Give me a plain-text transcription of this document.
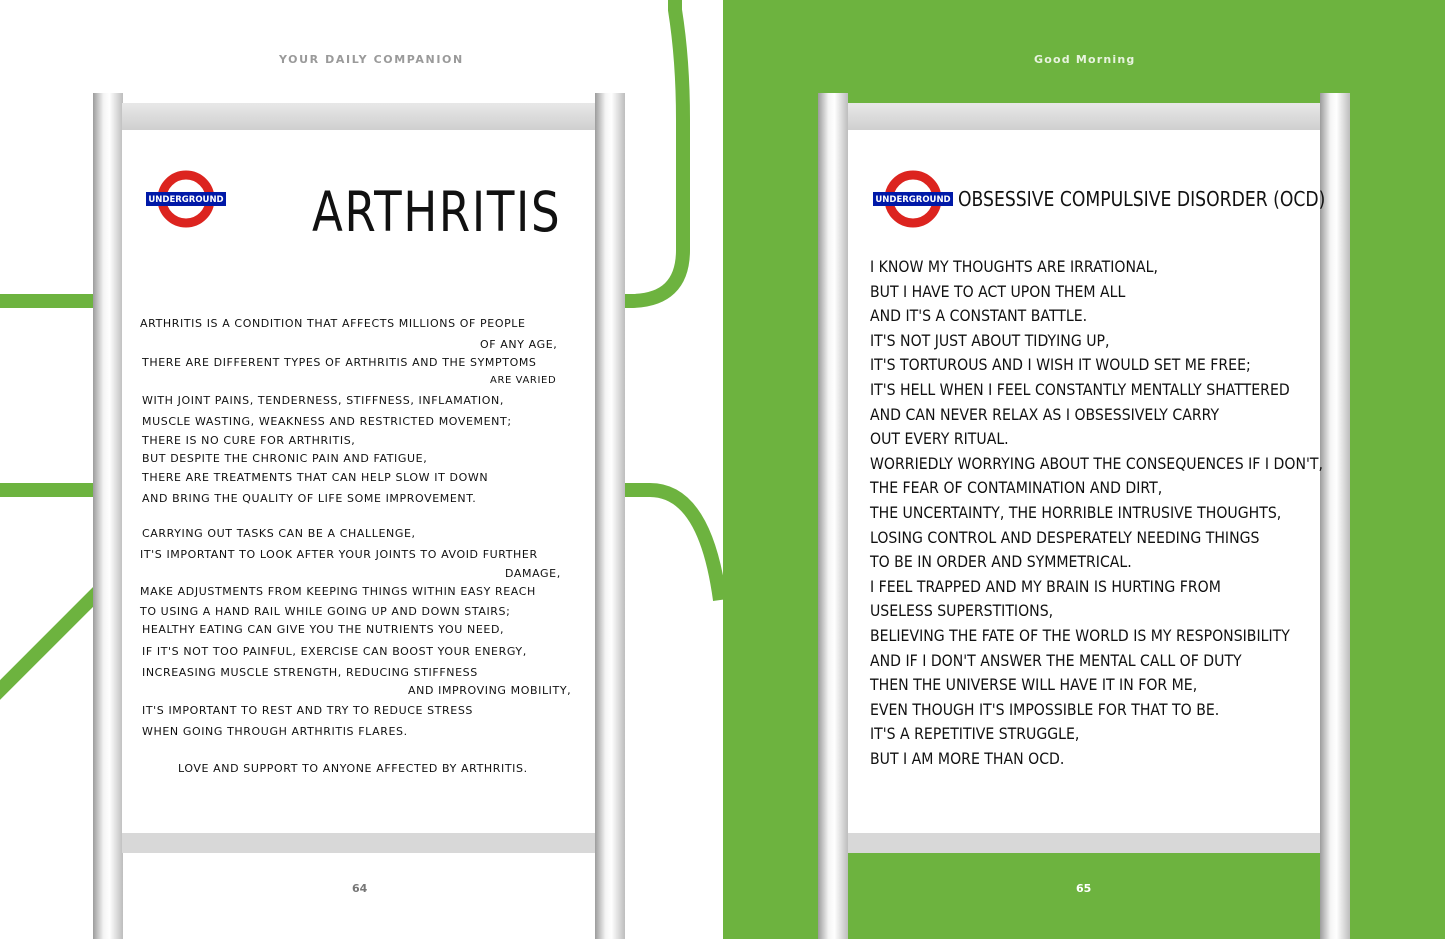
YOUR DAILY COMPANION
UNDERGROUND ARTHRITIS
ARTHRITIS IS A CONDITION THAT AFFECTS MILLIONS OF PEOPLE
OF ANY AGE,
THERE ARE DIFFERENT TYPES OF ARTHRITIS AND THE SYMPTOMS
ARE VARIED
WITH JOINT PAINS, TENDERNESS, STIFFNESS, INFLAMATION,
MUSCLE WASTING, WEAKNESS AND RESTRICTED MOVEMENT;
THERE IS NO CURE FOR ARTHRITIS,
BUT DESPITE THE CHRONIC PAIN AND FATIGUE,
THERE ARE TREATMENTS THAT CAN HELP SLOW IT DOWN
AND BRING THE QUALITY OF LIFE SOME IMPROVEMENT.
CARRYING OUT TASKS CAN BE A CHALLENGE,
IT'S IMPORTANT TO LOOK AFTER YOUR JOINTS TO AVOID FURTHER
DAMAGE,
MAKE ADJUSTMENTS FROM KEEPING THINGS WITHIN EASY REACH
TO USING A HAND RAIL WHILE GOING UP AND DOWN STAIRS;
HEALTHY EATING CAN GIVE YOU THE NUTRIENTS YOU NEED,
IF IT'S NOT TOO PAINFUL, EXERCISE CAN BOOST YOUR ENERGY,
INCREASING MUSCLE STRENGTH, REDUCING STIFFNESS
AND IMPROVING MOBILITY,
IT'S IMPORTANT TO REST AND TRY TO REDUCE STRESS
WHEN GOING THROUGH ARTHRITIS FLARES.
LOVE AND SUPPORT TO ANYONE AFFECTED BY ARTHRITIS.
64
Good Morning
65
UNDERGROUND OBSESSIVE COMPULSIVE DISORDER (OCD)
I KNOW MY THOUGHTS ARE IRRATIONAL,
BUT I HAVE TO ACT UPON THEM ALL
AND IT'S A CONSTANT BATTLE.
IT'S NOT JUST ABOUT TIDYING UP,
IT'S TORTUROUS AND I WISH IT WOULD SET ME FREE;
IT'S HELL WHEN I FEEL CONSTANTLY MENTALLY SHATTERED
AND CAN NEVER RELAX AS I OBSESSIVELY CARRY
OUT EVERY RITUAL.
WORRIEDLY WORRYING ABOUT THE CONSEQUENCES IF I DON'T,
THE FEAR OF CONTAMINATION AND DIRT,
THE UNCERTAINTY, THE HORRIBLE INTRUSIVE THOUGHTS,
LOSING CONTROL AND DESPERATELY NEEDING THINGS
TO BE IN ORDER AND SYMMETRICAL.
I FEEL TRAPPED AND MY BRAIN IS HURTING FROM
USELESS SUPERSTITIONS,
BELIEVING THE FATE OF THE WORLD IS MY RESPONSIBILITY
AND IF I DON'T ANSWER THE MENTAL CALL OF DUTY
THEN THE UNIVERSE WILL HAVE IT IN FOR ME,
EVEN THOUGH IT'S IMPOSSIBLE FOR THAT TO BE.
IT'S A REPETITIVE STRUGGLE,
BUT I AM MORE THAN OCD.
